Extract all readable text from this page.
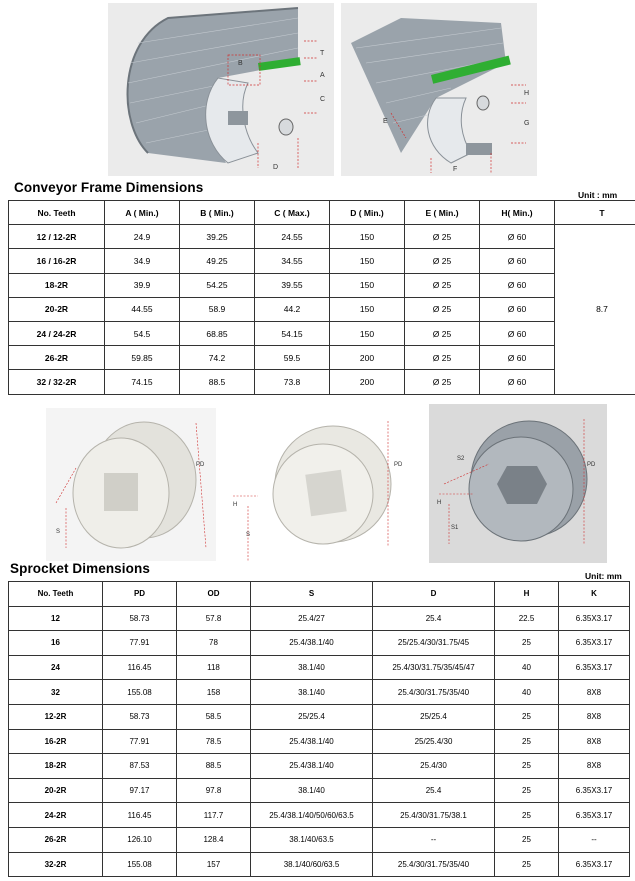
T
A
B
C
D
H
G
E
F
Conveyor Frame Dimensions	Unit : mm
No. Teeth	A ( Min.)	B ( Min.)	C ( Max.)	D ( Min.)	E ( Min.)	H( Min.)	T
12 / 12-2R	24.9	39.25	24.55	150	Ø 25	Ø 60	8.7
16 / 16-2R	34.9	49.25	34.55	150	Ø 25	Ø 60	
18-2R	39.9	54.25	39.55	150	Ø 25	Ø 60	
20-2R	44.55	58.9	44.2	150	Ø 25	Ø 60	
24 / 24-2R	54.5	68.85	54.15	150	Ø 25	Ø 60	
26-2R	59.85	74.2	59.5	200	Ø 25	Ø 60	
32 / 32-2R	74.15	88.5	73.8	200	Ø 25	Ø 60	
PD
S
PD
H
S
PD
S2
H
S1
Sprocket Dimensions	Unit: mm
No. Teeth	PD	OD	S	D	H	K
12	58.73	57.8	25.4/27	25.4	22.5	6.35X3.17
16	77.91	78	25.4/38.1/40	25/25.4/30/31.75/45	25	6.35X3.17
24	116.45	118	38.1/40	25.4/30/31.75/35/45/47	40	6.35X3.17
32	155.08	158	38.1/40	25.4/30/31.75/35/40	40	8X8
12-2R	58.73	58.5	25/25.4	25/25.4	25	8X8
16-2R	77.91	78.5	25.4/38.1/40	25/25.4/30	25	8X8
18-2R	87.53	88.5	25.4/38.1/40	25.4/30	25	8X8
20-2R	97.17	97.8	38.1/40	25.4	25	6.35X3.17
24-2R	116.45	117.7	25.4/38.1/40/50/60/63.5	25.4/30/31.75/38.1	25	6.35X3.17
26-2R	126.10	128.4	38.1/40/63.5	--	25	--
32-2R	155.08	157	38.1/40/60/63.5	25.4/30/31.75/35/40	25	6.35X3.17
